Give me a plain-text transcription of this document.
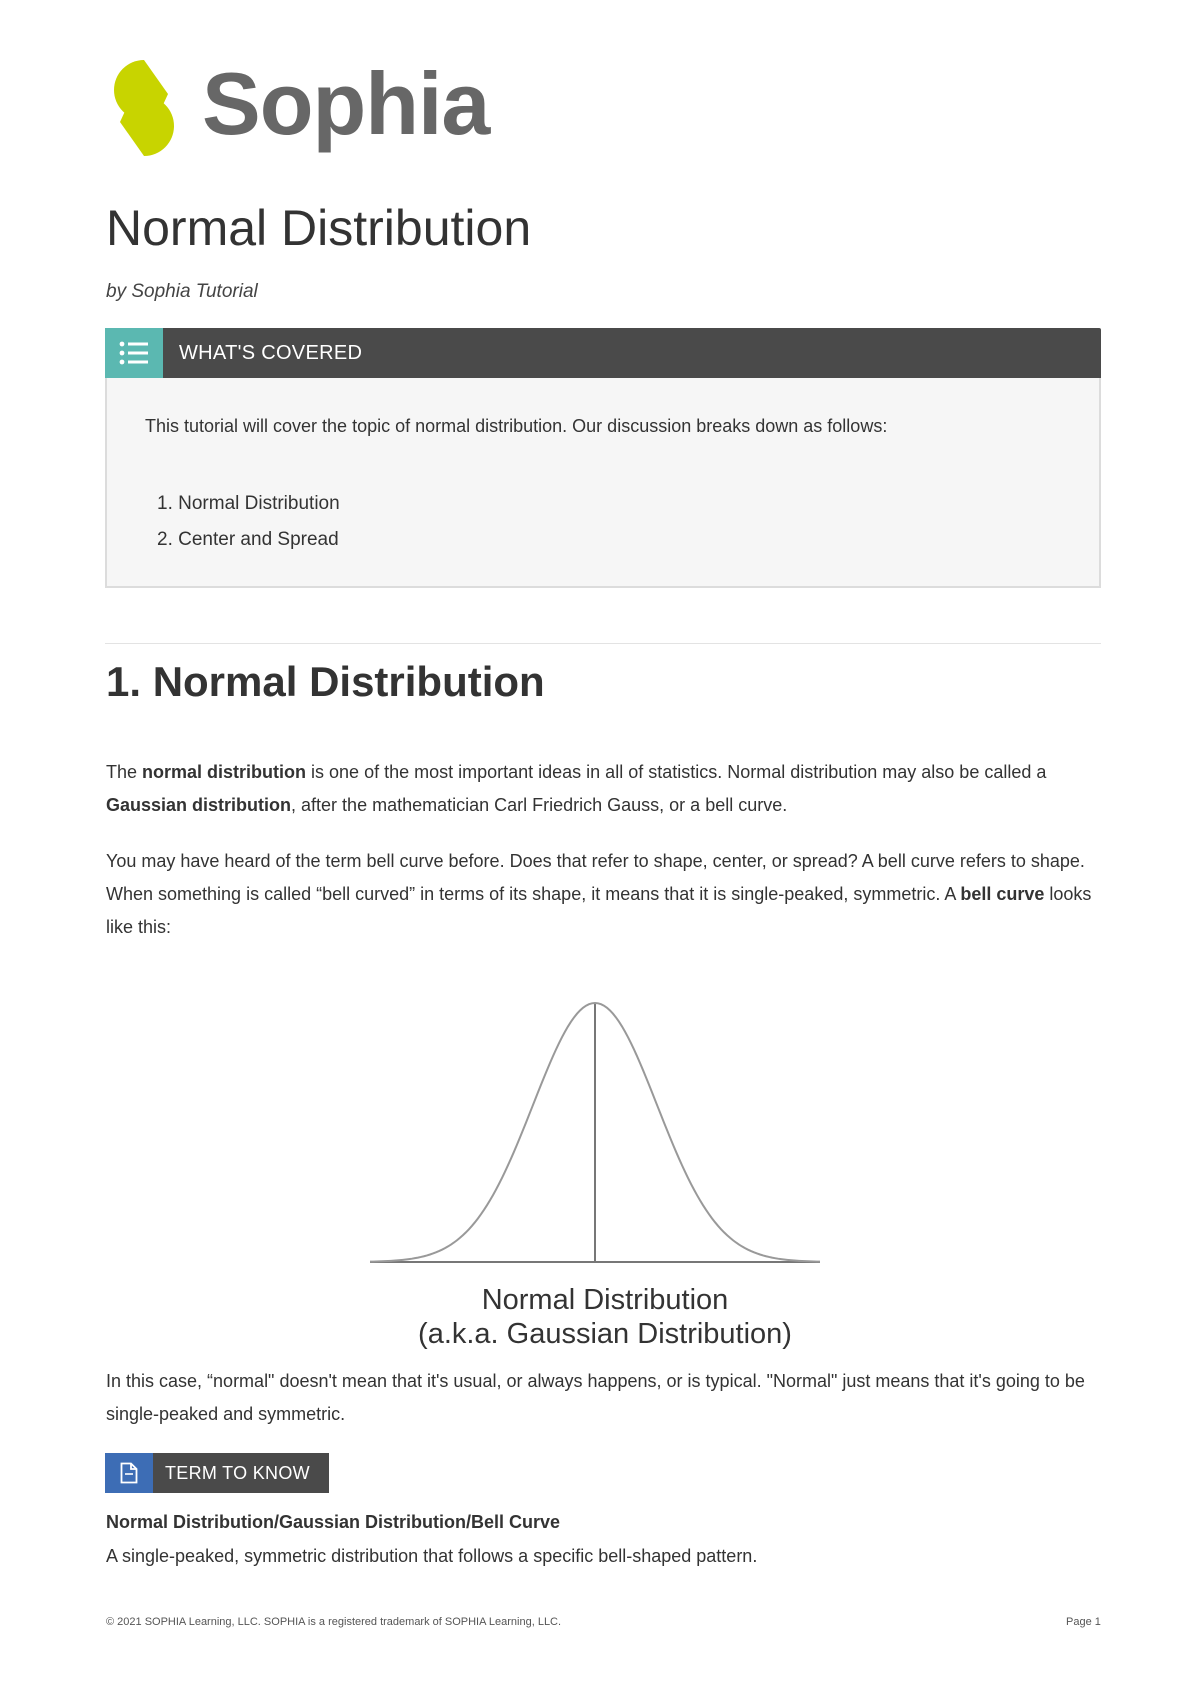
Sophia
Normal Distribution
by Sophia Tutorial
WHAT'S COVERED
This tutorial will cover the topic of normal distribution. Our discussion breaks down as follows:
1. Normal Distribution
2. Center and Spread
1. Normal Distribution

The normal distribution is one of the most important ideas in all of statistics. Normal distribution may also be called a Gaussian distribution, after the mathematician Carl Friedrich Gauss, or a bell curve.

You may have heard of the term bell curve before. Does that refer to shape, center, or spread? A bell curve refers to shape. When something is called “bell curved” in terms of its shape, it means that it is single-peaked, symmetric. A bell curve looks like this:

Normal Distribution
(a.k.a. Gaussian Distribution)

In this case, “normal" doesn't mean that it's usual, or always happens, or is typical. "Normal" just means that it's going to be single-peaked and symmetric.

TERM TO KNOW
Normal Distribution/Gaussian Distribution/Bell Curve
A single-peaked, symmetric distribution that follows a specific bell-shaped pattern.
© 2021 SOPHIA Learning, LLC. SOPHIA is a registered trademark of SOPHIA Learning, LLC.	Page 1
